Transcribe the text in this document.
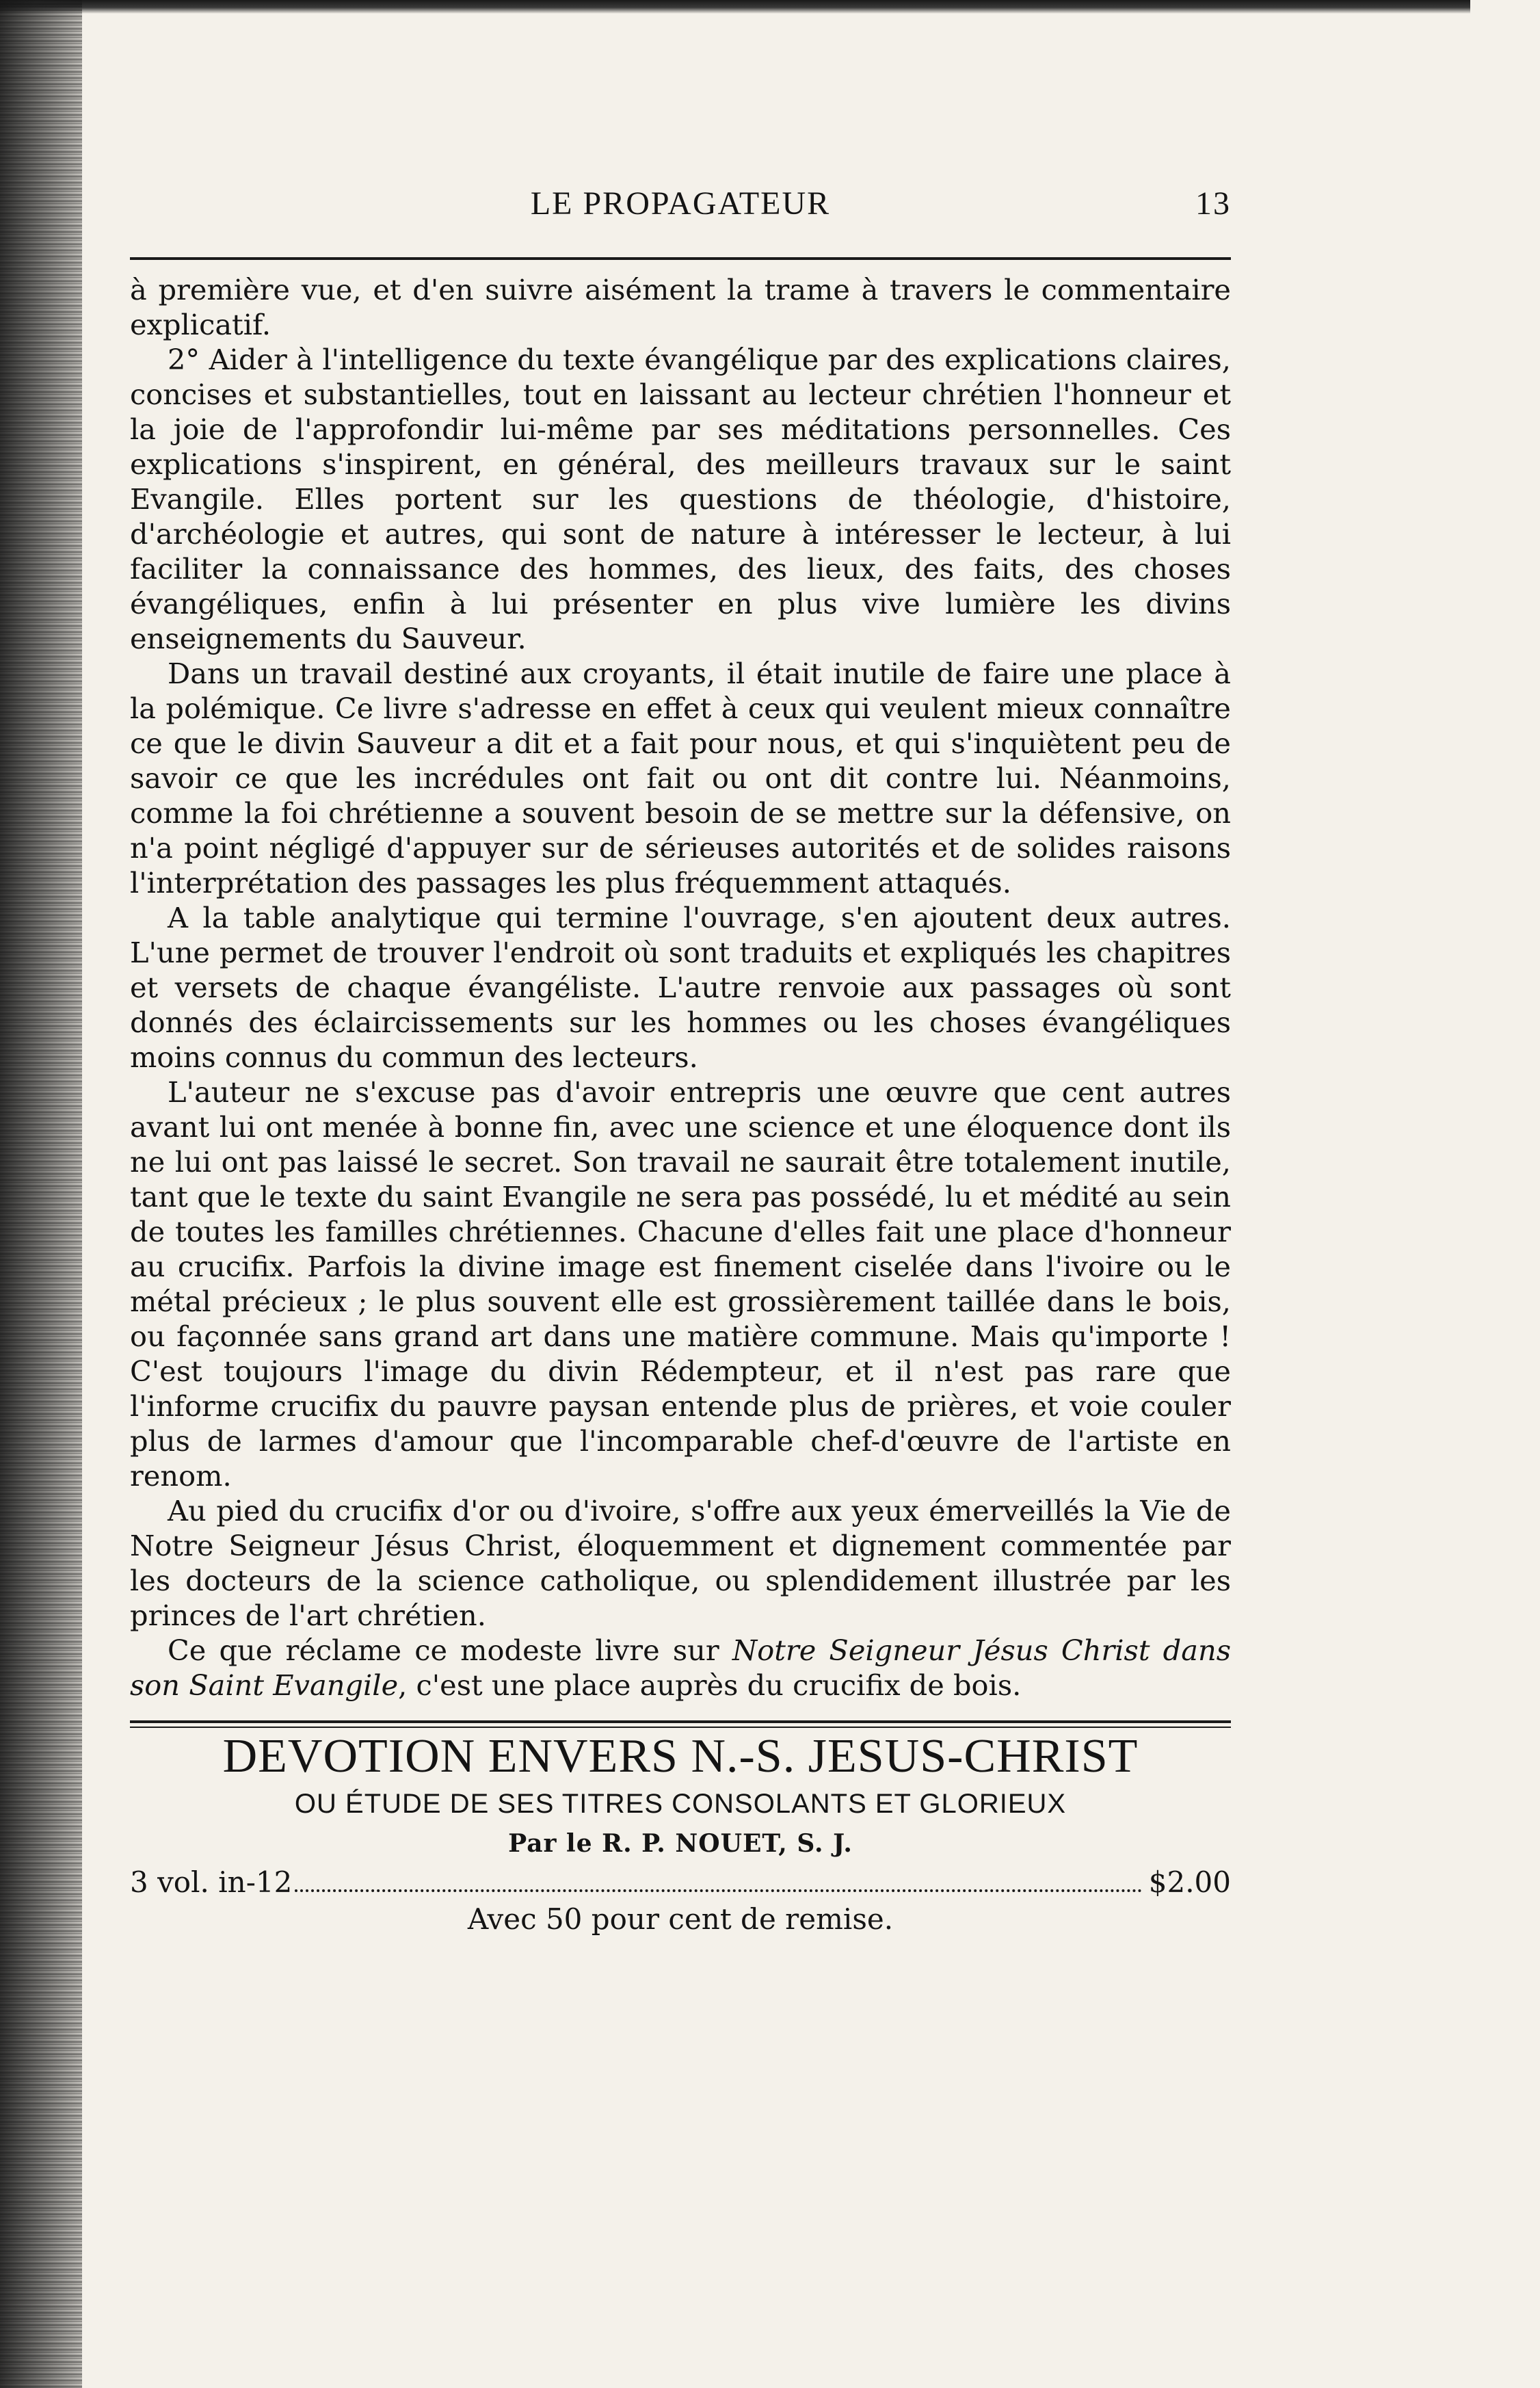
LE PROPAGATEUR	13

à première vue, et d'en suivre aisément la trame à travers le commentaire explicatif.

2° Aider à l'intelligence du texte évangélique par des explications claires, concises et substantielles, tout en laissant au lecteur chrétien l'honneur et la joie de l'approfondir lui-même par ses méditations personnelles. Ces explications s'inspirent, en général, des meilleurs travaux sur le saint Evangile. Elles portent sur les questions de théologie, d'histoire, d'archéologie et autres, qui sont de nature à intéresser le lecteur, à lui faciliter la connaissance des hommes, des lieux, des faits, des choses évangéliques, enfin à lui présenter en plus vive lumière les divins enseignements du Sauveur.

Dans un travail destiné aux croyants, il était inutile de faire une place à la polémique. Ce livre s'adresse en effet à ceux qui veulent mieux connaître ce que le divin Sauveur a dit et a fait pour nous, et qui s'inquiètent peu de savoir ce que les incrédules ont fait ou ont dit contre lui. Néanmoins, comme la foi chrétienne a souvent besoin de se mettre sur la défensive, on n'a point négligé d'appuyer sur de sérieuses autorités et de solides raisons l'interprétation des passages les plus fréquemment attaqués.

A la table analytique qui termine l'ouvrage, s'en ajoutent deux autres. L'une permet de trouver l'endroit où sont traduits et expliqués les chapitres et versets de chaque évangéliste. L'autre renvoie aux passages où sont donnés des éclaircissements sur les hommes ou les choses évangéliques moins connus du commun des lecteurs.

L'auteur ne s'excuse pas d'avoir entrepris une œuvre que cent autres avant lui ont menée à bonne fin, avec une science et une éloquence dont ils ne lui ont pas laissé le secret. Son travail ne saurait être totalement inutile, tant que le texte du saint Evangile ne sera pas possédé, lu et médité au sein de toutes les familles chrétiennes. Chacune d'elles fait une place d'honneur au crucifix. Parfois la divine image est finement ciselée dans l'ivoire ou le métal précieux ; le plus souvent elle est grossièrement taillée dans le bois, ou façonnée sans grand art dans une matière commune. Mais qu'importe ! C'est toujours l'image du divin Rédempteur, et il n'est pas rare que l'informe crucifix du pauvre paysan entende plus de prières, et voie couler plus de larmes d'amour que l'incomparable chef-d'œuvre de l'artiste en renom.

Au pied du crucifix d'or ou d'ivoire, s'offre aux yeux émerveillés la Vie de Notre Seigneur Jésus Christ, éloquemment et dignement commentée par les docteurs de la science catholique, ou splendidement illustrée par les princes de l'art chrétien.

Ce que réclame ce modeste livre sur Notre Seigneur Jésus Christ dans son Saint Evangile, c'est une place auprès du crucifix de bois.

DEVOTION ENVERS N.-S. JESUS-CHRIST
OU ÉTUDE DE SES TITRES CONSOLANTS ET GLORIEUX
Par le R. P. NOUET, S. J.
3 vol. in-12	$2.00
Avec 50 pour cent de remise.
